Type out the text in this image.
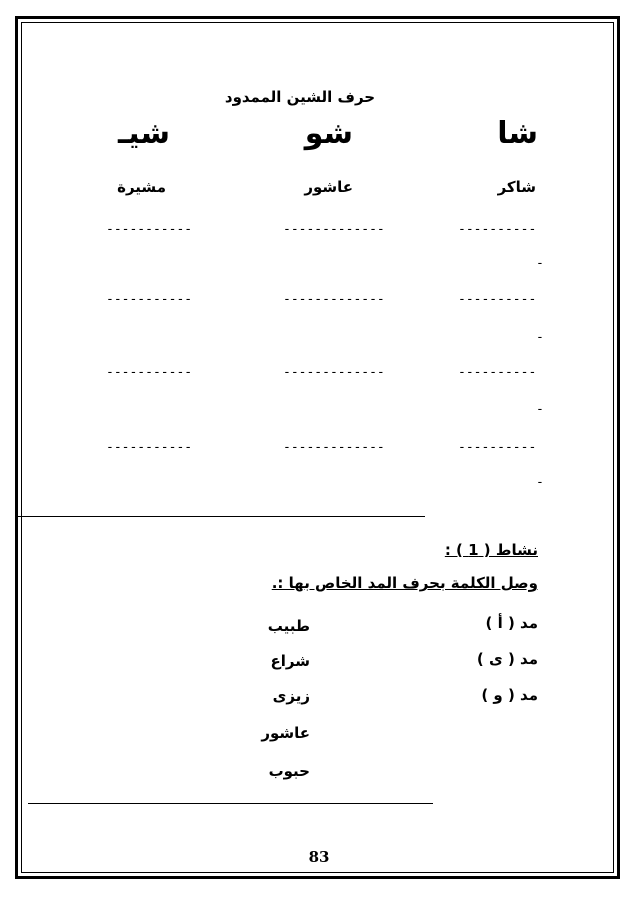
حرف الشين الممدود
شا
شو
شيـ
شاكر
عاشور
مشيرة
----------
-------------
-----------
-
----------
-------------
-----------
-
----------
-------------
-----------
-
----------
-------------
-----------
-
نشاط ( 1 ) :
وصل الكلمة بحرف المد الخاص بها :.
مد ( أ )
مد ( ى )
مد ( و )
طبيب
شراع
زيزى
عاشور
حبوب
83
